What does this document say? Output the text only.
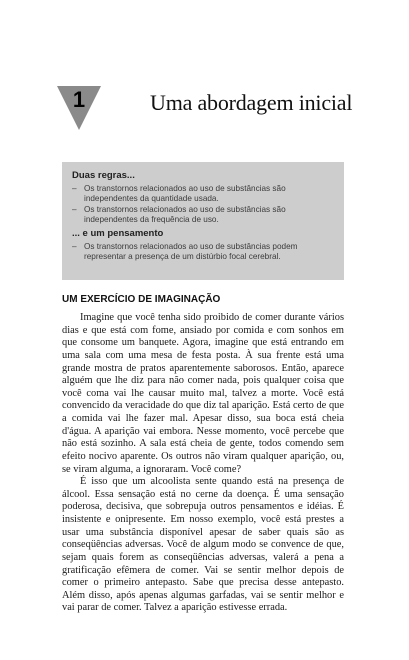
1	Uma abordagem inicial
Duas regras...
– Os transtornos relacionados ao uso de substâncias são independentes da quantidade usada.
– Os transtornos relacionados ao uso de substâncias são independentes da frequência de uso.
... e um pensamento
– Os transtornos relacionados ao uso de substâncias podem representar a presença de um distúrbio focal cerebral.
UM EXERCÍCIO DE IMAGINAÇÃO

Imagine que você tenha sido proibido de comer durante vários dias e que está com fome, ansiado por comida e com sonhos em que consome um banquete. Agora, imagine que está entrando em uma sala com uma mesa de festa posta. À sua frente está uma grande mostra de pratos aparentemente saborosos. Então, aparece alguém que lhe diz para não comer nada, pois qualquer coisa que você coma vai lhe causar muito mal, talvez a morte. Você está convencido da veracidade do que diz tal aparição. Está certo de que a comida vai lhe fazer mal. Apesar disso, sua boca está cheia d'água. A aparição vai embora. Nesse momento, você percebe que não está sozinho. A sala está cheia de gente, todos comendo sem efeito nocivo aparente. Os outros não viram qualquer aparição, ou, se viram alguma, a ignoraram. Você come?

É isso que um alcoolista sente quando está na presença de álcool. Essa sensação está no cerne da doença. É uma sensação poderosa, decisiva, que sobrepuja outros pensamentos e idéias. É insistente e onipresente. Em nosso exemplo, você está prestes a usar uma substância disponível apesar de saber quais são as conseqüências adversas. Você de algum modo se convence de que, sejam quais forem as conseqüências adversas, valerá a pena a gratificação efêmera de comer. Vai se sentir melhor depois de comer o primeiro antepasto. Sabe que precisa desse antepasto. Além disso, após apenas algumas garfadas, vai se sentir melhor e vai parar de comer. Talvez a aparição estivesse errada.
